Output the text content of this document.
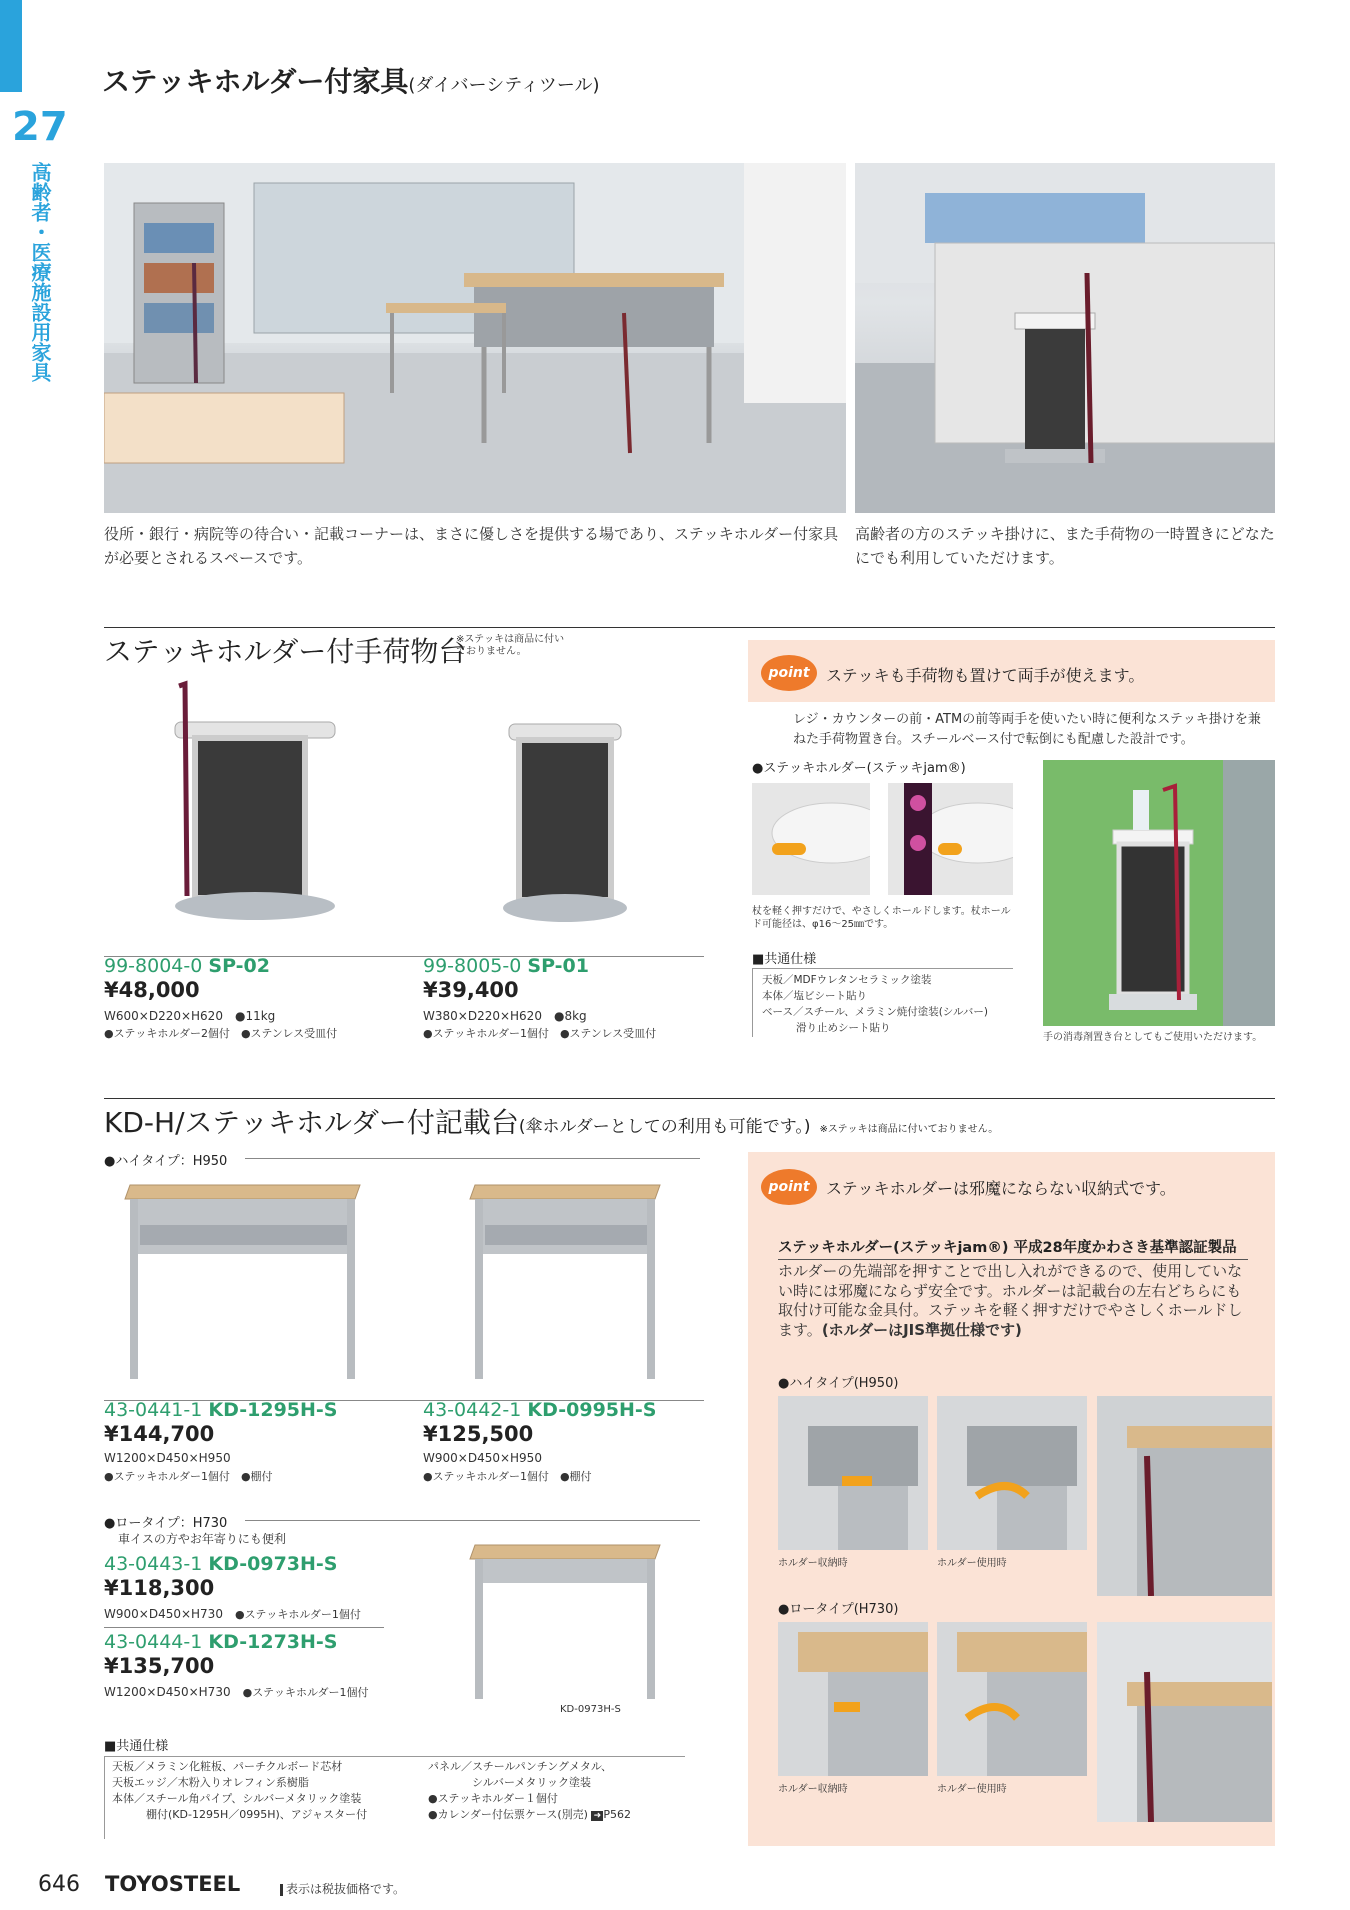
27
高齢者・医療施設用家具
ステッキホルダー付家具(ダイバーシティツール)
役所・銀行・病院等の待合い・記載コーナーは、まさに優しさを提供する場であり、ステッキホルダー付家具が必要とされるスペースです。
高齢者の方のステッキ掛けに、また手荷物の一時置きにどなたにでも利用していただけます。
ステッキホルダー付手荷物台
※ステッキは商品に付いておりません。
99-8004-0 SP-02
¥48,000
W600×D220×H620　 ●11kg
●ステッキホルダー2個付　 ●ステンレス受皿付
99-8005-0 SP-01
¥39,400
W380×D220×H620　 ●8kg
●ステッキホルダー1個付　 ●ステンレス受皿付
point	ステッキも手荷物も置けて両手が使えます。
レジ・カウンターの前・ATMの前等両手を使いたい時に便利なステッキ掛けを兼ねた手荷物置き台。スチールベース付で転倒にも配慮した設計です。
●ステッキホルダー(ステッキjam®)
杖を軽く押すだけで、やさしくホールドします。杖ホールド可能径は、φ16～25㎜です。
■共通仕様
天板／MDFウレタンセラミック塗装
本体／塩ビシート貼り
ベース／スチール、メラミン焼付塗装(シルバー)
滑り止めシート貼り
手の消毒剤置き台としてもご使用いただけます。
KD-H/ステッキホルダー付記載台(傘ホルダーとしての利用も可能です。) ※ステッキは商品に付いておりません。
●ハイタイプ：H950
43-0441-1 KD-1295H-S
¥144,700
W1200×D450×H950
●ステッキホルダー1個付　 ●棚付
43-0442-1 KD-0995H-S
¥125,500
W900×D450×H950
●ステッキホルダー1個付　 ●棚付
●ロータイプ：H730
車イスの方やお年寄りにも便利
KD-0973H-S
43-0443-1 KD-0973H-S
¥118,300
W900×D450×H730　 ●ステッキホルダー1個付
43-0444-1 KD-1273H-S
¥135,700
W1200×D450×H730　 ●ステッキホルダー1個付
■共通仕様
天板／メラミン化粧板、パーチクルボード芯材
天板エッジ／木粉入りオレフィン系樹脂
本体／スチール角パイプ、シルバーメタリック塗装
棚付(KD-1295H／0995H)、アジャスター付
パネル／スチールパンチングメタル、
シルバーメタリック塗装
●ステッキホルダー１個付
●カレンダー付伝票ケース(別売) ➜ P562
point	ステッキホルダーは邪魔にならない収納式です。
ステッキホルダー(ステッキjam®) 平成28年度かわさき基準認証製品
ホルダーの先端部を押すことで出し入れができるので、使用していない時には邪魔にならず安全です。ホルダーは記載台の左右どちらにも取付け可能な金具付。ステッキを軽く押すだけでやさしくホールドします。(ホルダーはJIS準拠仕様です)
●ハイタイプ(H950)
ホルダー収納時	ホルダー使用時
●ロータイプ(H730)
ホルダー収納時	ホルダー使用時
646 TOYOSTEEL	表示は税抜価格です。
